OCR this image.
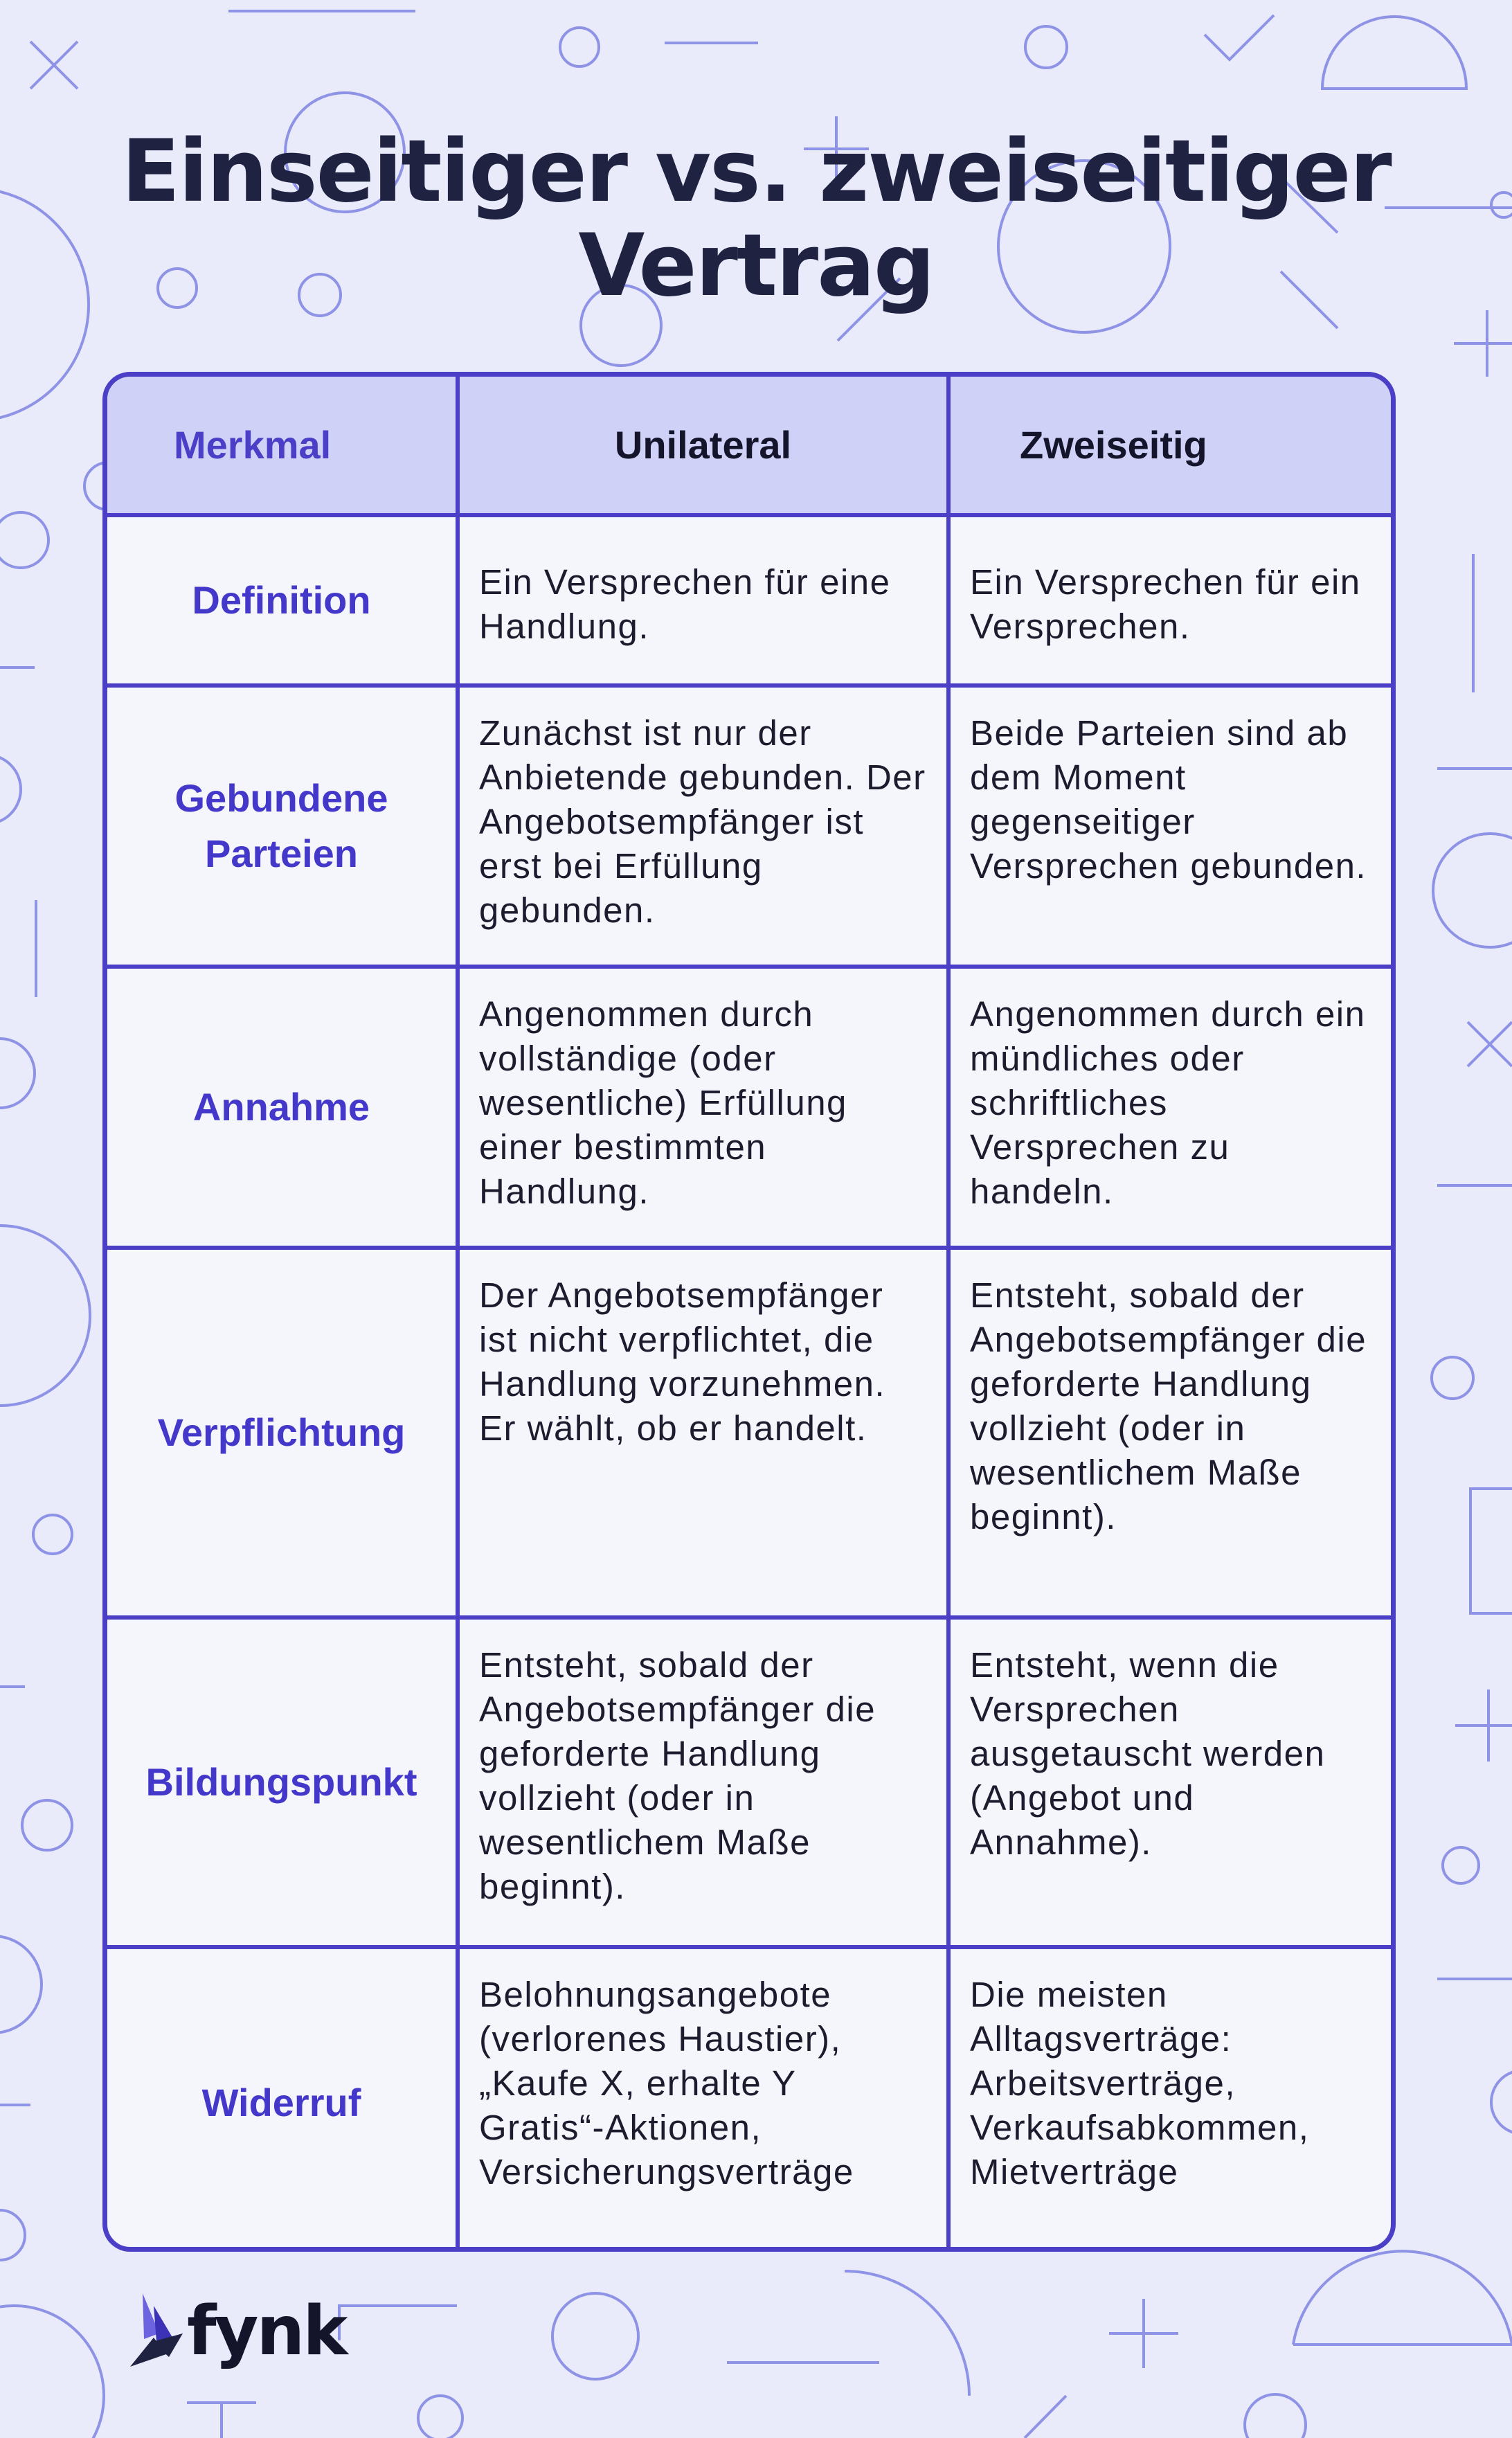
Einseitiger vs. zweiseitiger
Vertrag
Merkmal	Unilateral	Zweiseitig
Definition	Ein Versprechen für eine Handlung.	Ein Versprechen für ein Versprechen.
Gebundene Parteien	Zunächst ist nur der Anbietende gebunden. Der Angebotsempfänger ist erst bei Erfüllung gebunden.	Beide Parteien sind ab dem Moment gegenseitiger Versprechen gebunden.
Annahme	Angenommen durch vollständige (oder wesentliche) Erfüllung einer bestimmten Handlung.	Angenommen durch ein mündliches oder schriftliches Versprechen zu handeln.
Verpflichtung	Der Angebotsempfänger ist nicht verpflichtet, die Handlung vorzunehmen. Er wählt, ob er handelt.	Entsteht, sobald der Angebotsempfänger die geforderte Handlung vollzieht (oder in wesentlichem Maße beginnt).
Bildungspunkt	Entsteht, sobald der Angebotsempfänger die geforderte Handlung vollzieht (oder in wesentlichem Maße beginnt).	Entsteht, wenn die Versprechen ausgetauscht werden (Angebot und Annahme).
Widerruf	Belohnungsangebote (verlorenes Haustier), „Kaufe X, erhalte Y Gratis“-Aktionen, Versicherungsverträge	Die meisten Alltagsverträge: Arbeitsverträge, Verkaufsabkommen, Mietverträge
fynk
